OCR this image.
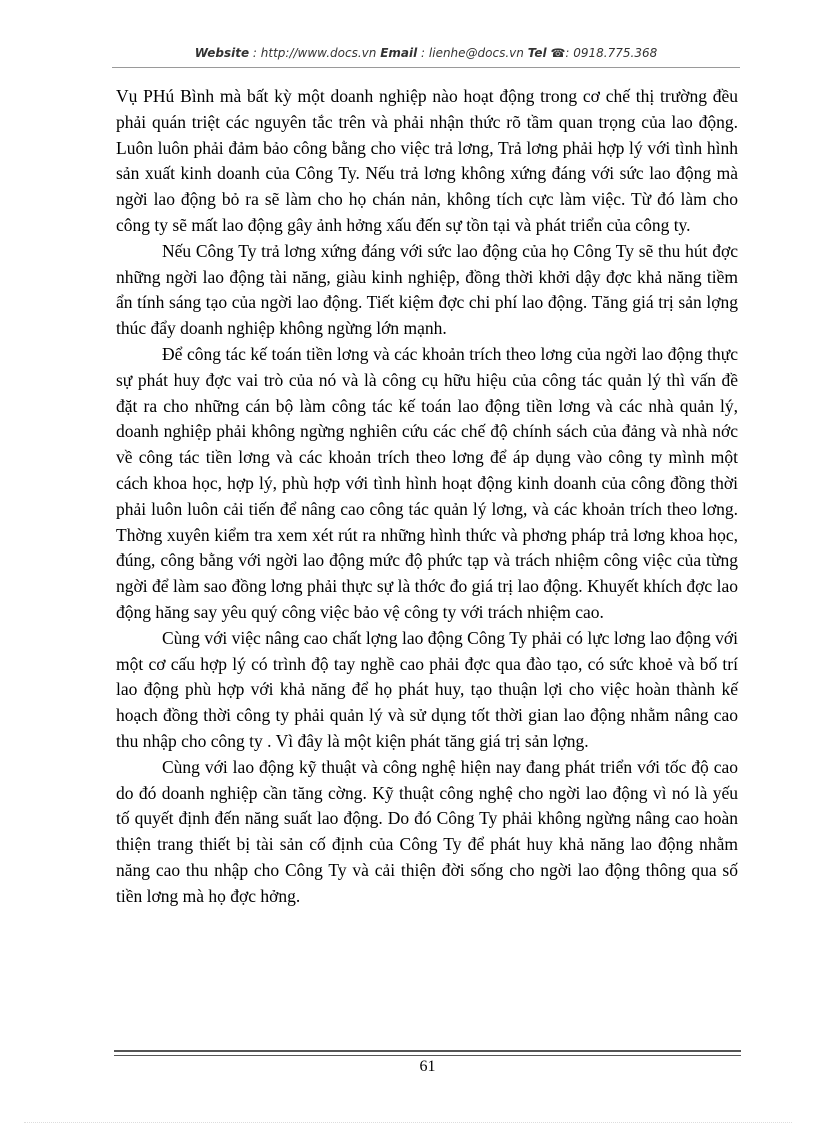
Website : http://www.docs.vn Email : lienhe@docs.vn Tel ☎: 0918.775.368

Vụ PHú Bình mà bất kỳ một doanh nghiệp nào hoạt động trong cơ chế thị trường đều phải quán triệt các nguyên tắc trên và phải nhận thức rõ tầm quan trọng của lao động. Luôn luôn phải đảm bảo công bằng cho việc trả lơng, Trả lơng phải hợp lý với tình hình sản xuất kinh doanh của Công Ty. Nếu trả lơng không xứng đáng với sức lao động mà ngời lao động bỏ ra sẽ làm cho họ chán nản, không tích cực làm việc. Từ đó làm cho công ty sẽ mất lao động gây ảnh hởng xấu đến sự tồn tại và phát triển của công ty.

Nếu Công Ty trả lơng xứng đáng với sức lao động của họ Công Ty sẽ thu hút đợc những ngời lao động tài năng, giàu kinh nghiệp, đồng thời khởi dậy đợc khả năng tiềm ẩn tính sáng tạo của ngời lao động. Tiết kiệm đợc chi phí lao động. Tăng giá trị sản lợng thúc đẩy doanh nghiệp không ngừng lớn mạnh.

Để công tác kế toán tiền lơng và các khoản trích theo lơng của ngời lao động thực sự phát huy đợc vai trò của nó và là công cụ hữu hiệu của công tác quản lý thì vấn đề đặt ra cho những cán bộ làm công tác kế toán lao động tiền lơng và các nhà quản lý, doanh nghiệp phải không ngừng nghiên cứu các chế độ chính sách của đảng và nhà nớc về công tác tiền lơng và các khoản trích theo lơng để áp dụng vào công ty mình một cách khoa học, hợp lý, phù hợp với tình hình hoạt động kinh doanh của công đồng thời phải luôn luôn cải tiến để nâng cao công tác quản lý lơng, và các khoản trích theo lơng. Thờng xuyên kiểm tra xem xét rút ra những hình thức và phơng pháp trả lơng khoa học, đúng, công bằng với ngời lao động mức độ phức tạp và trách nhiệm công việc của từng ngời để làm sao đồng lơng phải thực sự là thớc đo giá trị lao động. Khuyết khích đợc lao động hăng say yêu quý công việc bảo vệ công ty với trách nhiệm cao.

Cùng với việc nâng cao chất lợng lao động Công Ty phải có lực lơng lao động với một cơ cấu hợp lý có trình độ tay nghề cao phải đợc qua đào tạo, có sức khoẻ và bố trí lao động phù hợp với khả năng để họ phát huy, tạo thuận lợi cho việc hoàn thành kế hoạch đồng thời công ty phải quản lý và sử dụng tốt thời gian lao động nhằm nâng cao thu nhập cho công ty . Vì đây là một kiện phát tăng giá trị sản lợng.

Cùng với lao động kỹ thuật và công nghệ hiện nay đang phát triển với tốc độ cao do đó doanh nghiệp cần tăng cờng. Kỹ thuật công nghệ cho ngời lao động vì nó là yếu tố quyết định đến năng suất lao động. Do đó Công Ty phải không ngừng nâng cao hoàn thiện trang thiết bị tài sản cố định của Công Ty để phát huy khả năng lao động nhằm năng cao thu nhập cho Công Ty và cải thiện đời sống cho ngời lao động thông qua số tiền lơng mà họ đợc hởng.

61
